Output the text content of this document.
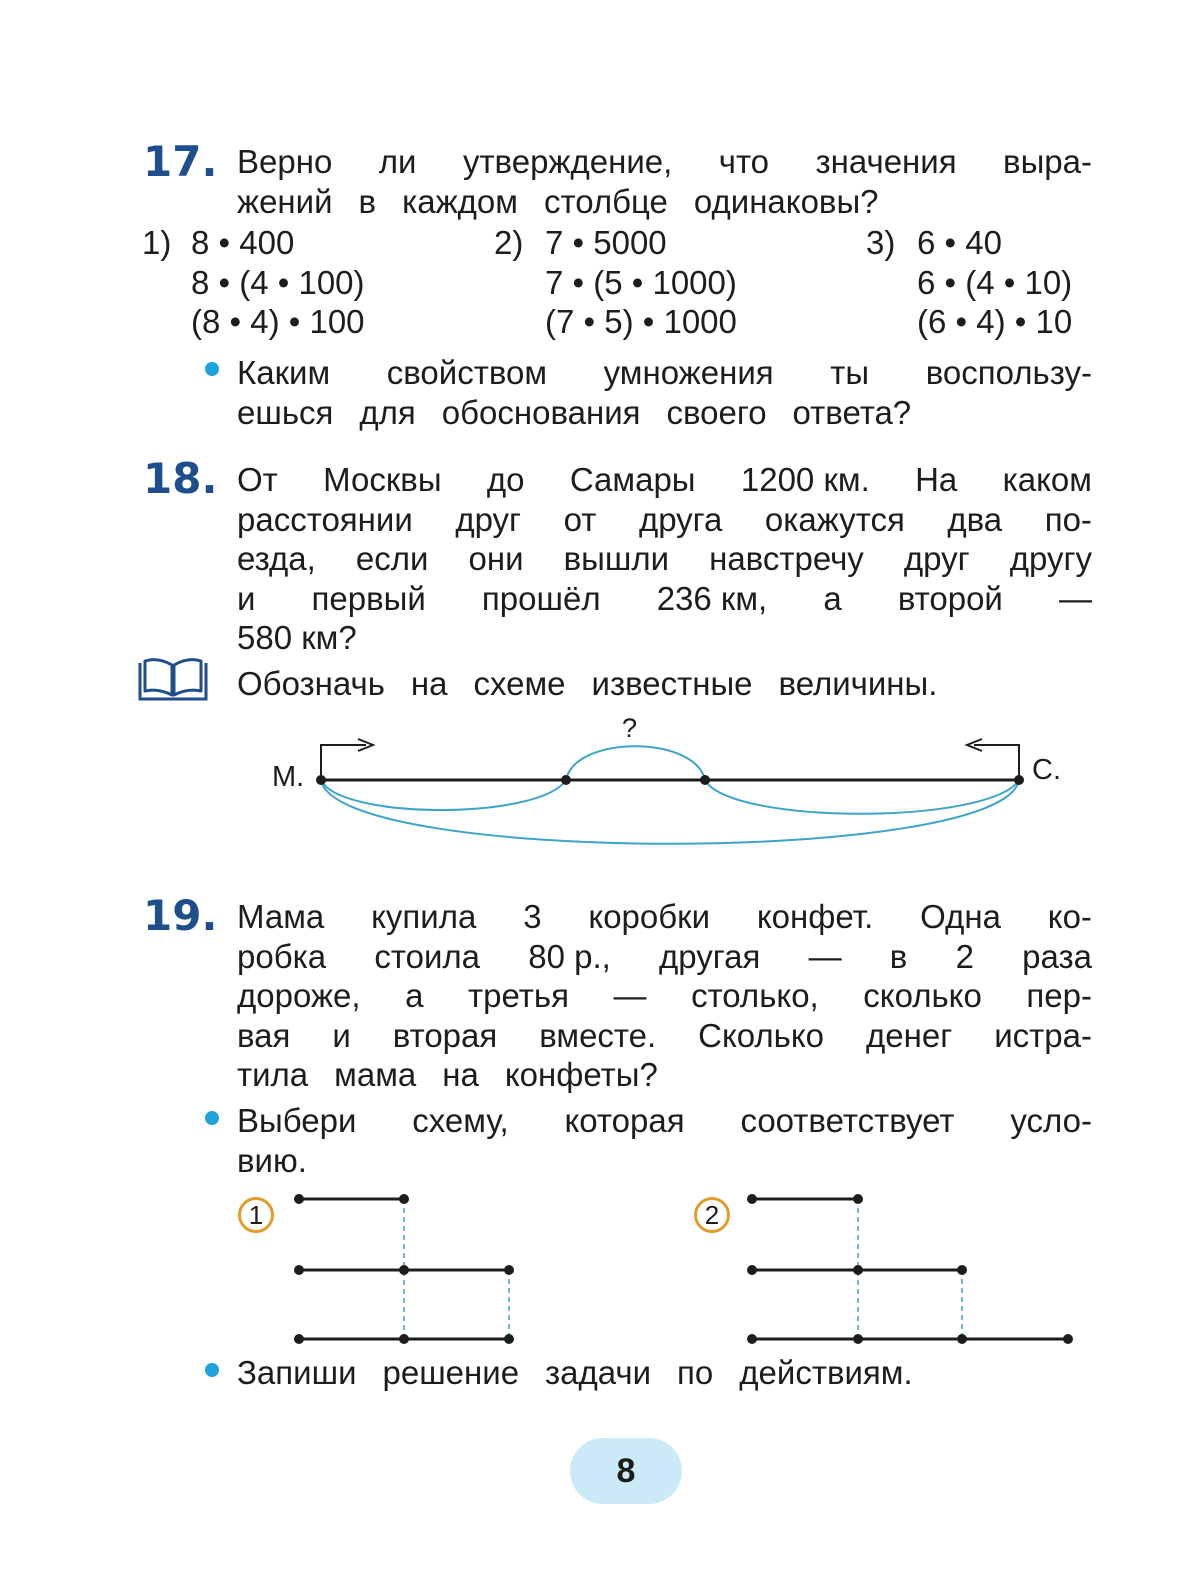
17. Верно ли утверждение, что значения выра-
жений в каждом столбце одинаковы?
1) 8 • 400
8 • (4 • 100)
(8 • 4) • 100
2) 7 • 5000
7 • (5 • 1000)
(7 • 5) • 1000
3) 6 • 40
6 • (4 • 10)
(6 • 4) • 10
Каким свойством умножения ты воспользу-
ешься для обоснования своего ответа?
18. От Москвы до Самары 1200 км. На каком
расстоянии друг от друга окажутся два по-
езда, если они вышли навстречу друг другу
и первый прошёл 236 км, а второй —
580 км?
Обозначь на схеме известные величины.
М.	С.
?
19. Мама купила 3 коробки конфет. Одна ко-
робка стоила 80 р., другая — в 2 раза
дороже, а третья — столько, сколько пер-
вая и вторая вместе. Сколько денег истра-
тила мама на конфеты?
Выбери схему, которая соответствует усло-
вию.
1	2
Запиши решение задачи по действиям.
8
